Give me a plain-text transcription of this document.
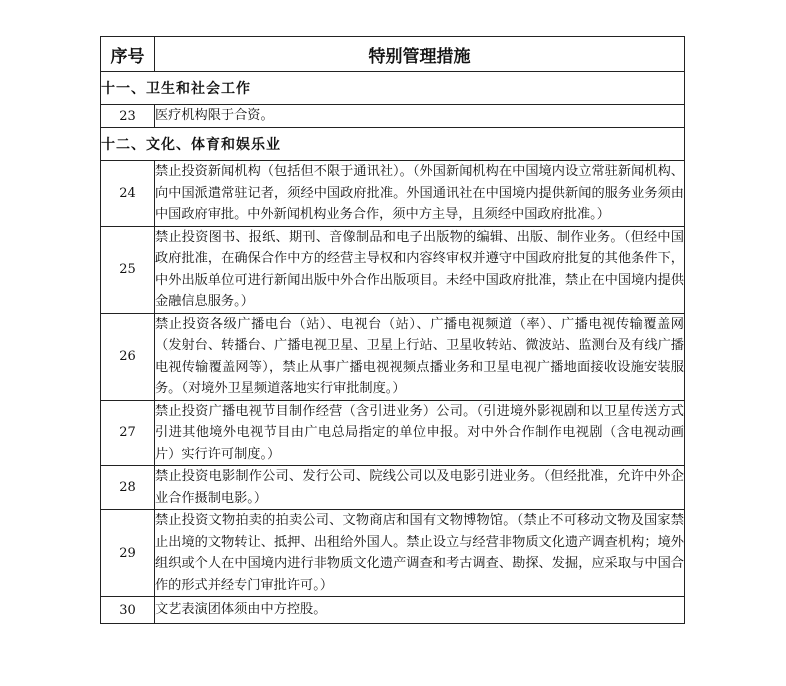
序号	特别管理措施
十一、卫生和社会工作	
23	医疗机构限于合资。
十二、文化、体育和娱乐业	
24	禁止投资新闻机构（包括但不限于通讯社）。（外国新闻机构在中国境内设立常驻新闻机构、向中国派遣常驻记者，须经中国政府批准。外国通讯社在中国境内提供新闻的服务业务须由中国政府审批。中外新闻机构业务合作，须中方主导，且须经中国政府批准。）
25	禁止投资图书、报纸、期刊、音像制品和电子出版物的编辑、出版、制作业务。（但经中国政府批准，在确保合作中方的经营主导权和内容终审权并遵守中国政府批复的其他条件下，中外出版单位可进行新闻出版中外合作出版项目。未经中国政府批准，禁止在中国境内提供金融信息服务。）
26	禁止投资各级广播电台（站）、电视台（站）、广播电视频道（率）、广播电视传输覆盖网（发射台、转播台、广播电视卫星、卫星上行站、卫星收转站、微波站、监测台及有线广播电视传输覆盖网等），禁止从事广播电视视频点播业务和卫星电视广播地面接收设施安装服务。（对境外卫星频道落地实行审批制度。）
27	禁止投资广播电视节目制作经营（含引进业务）公司。（引进境外影视剧和以卫星传送方式引进其他境外电视节目由广电总局指定的单位申报。对中外合作制作电视剧（含电视动画片）实行许可制度。）
28	禁止投资电影制作公司、发行公司、院线公司以及电影引进业务。（但经批准，允许中外企业合作摄制电影。）
29	禁止投资文物拍卖的拍卖公司、文物商店和国有文物博物馆。（禁止不可移动文物及国家禁止出境的文物转让、抵押、出租给外国人。禁止设立与经营非物质文化遗产调查机构；境外组织或个人在中国境内进行非物质文化遗产调查和考古调查、勘探、发掘，应采取与中国合作的形式并经专门审批许可。）
30	文艺表演团体须由中方控股。
